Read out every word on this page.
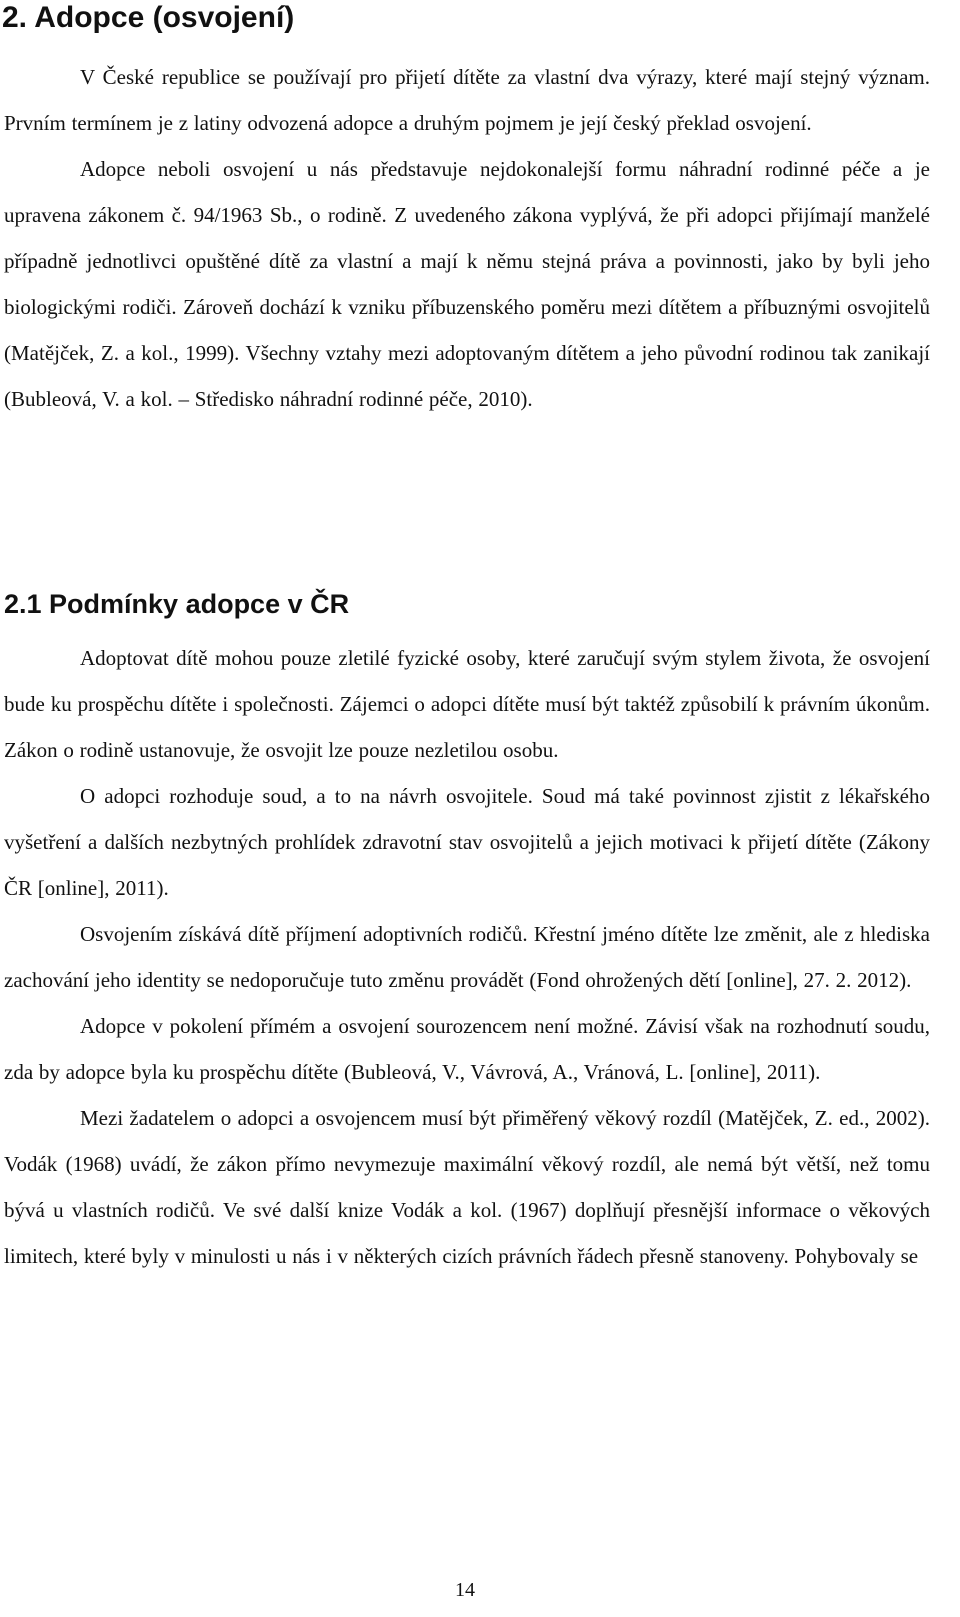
2. Adopce (osvojení)

V České republice se používají pro přijetí dítěte za vlastní dva výrazy, které mají stejný význam. Prvním termínem je z latiny odvozená adopce a druhým pojmem je její český překlad osvojení.

Adopce neboli osvojení u nás představuje nejdokonalejší formu náhradní rodinné péče a je upravena zákonem č. 94/1963 Sb., o rodině. Z uvedeného zákona vyplývá, že při adopci přijímají manželé případně jednotlivci opuštěné dítě za vlastní a mají k němu stejná práva a povinnosti, jako by byli jeho biologickými rodiči. Zároveň dochází k vzniku příbuzenského poměru mezi dítětem a příbuznými osvojitelů (Matějček, Z. a kol., 1999). Všechny vztahy mezi adoptovaným dítětem a jeho původní rodinou tak zanikají (Bubleová, V. a kol. – Středisko náhradní rodinné péče, 2010).

2.1 Podmínky adopce v ČR

Adoptovat dítě mohou pouze zletilé fyzické osoby, které zaručují svým stylem života, že osvojení bude ku prospěchu dítěte i společnosti. Zájemci o adopci dítěte musí být taktéž způsobilí k právním úkonům. Zákon o rodině ustanovuje, že osvojit lze pouze nezletilou osobu.

O adopci rozhoduje soud, a to na návrh osvojitele. Soud má také povinnost zjistit z lékařského vyšetření a dalších nezbytných prohlídek zdravotní stav osvojitelů a jejich motivaci k přijetí dítěte (Zákony ČR [online], 2011).

Osvojením získává dítě příjmení adoptivních rodičů. Křestní jméno dítěte lze změnit, ale z hlediska zachování jeho identity se nedoporučuje tuto změnu provádět (Fond ohrožených dětí [online], 27. 2. 2012).

Adopce v pokolení přímém a osvojení sourozencem není možné. Závisí však na rozhodnutí soudu, zda by adopce byla ku prospěchu dítěte (Bubleová, V., Vávrová, A., Vránová, L. [online], 2011).

Mezi žadatelem o adopci a osvojencem musí být přiměřený věkový rozdíl (Matějček, Z. ed., 2002). Vodák (1968) uvádí, že zákon přímo nevymezuje maximální věkový rozdíl, ale nemá být větší, než tomu bývá u vlastních rodičů. Ve své další knize Vodák a kol. (1967) doplňují přesnější informace o věkových limitech, které byly v minulosti u nás i v některých cizích právních řádech přesně stanoveny. Pohybovaly se

14
